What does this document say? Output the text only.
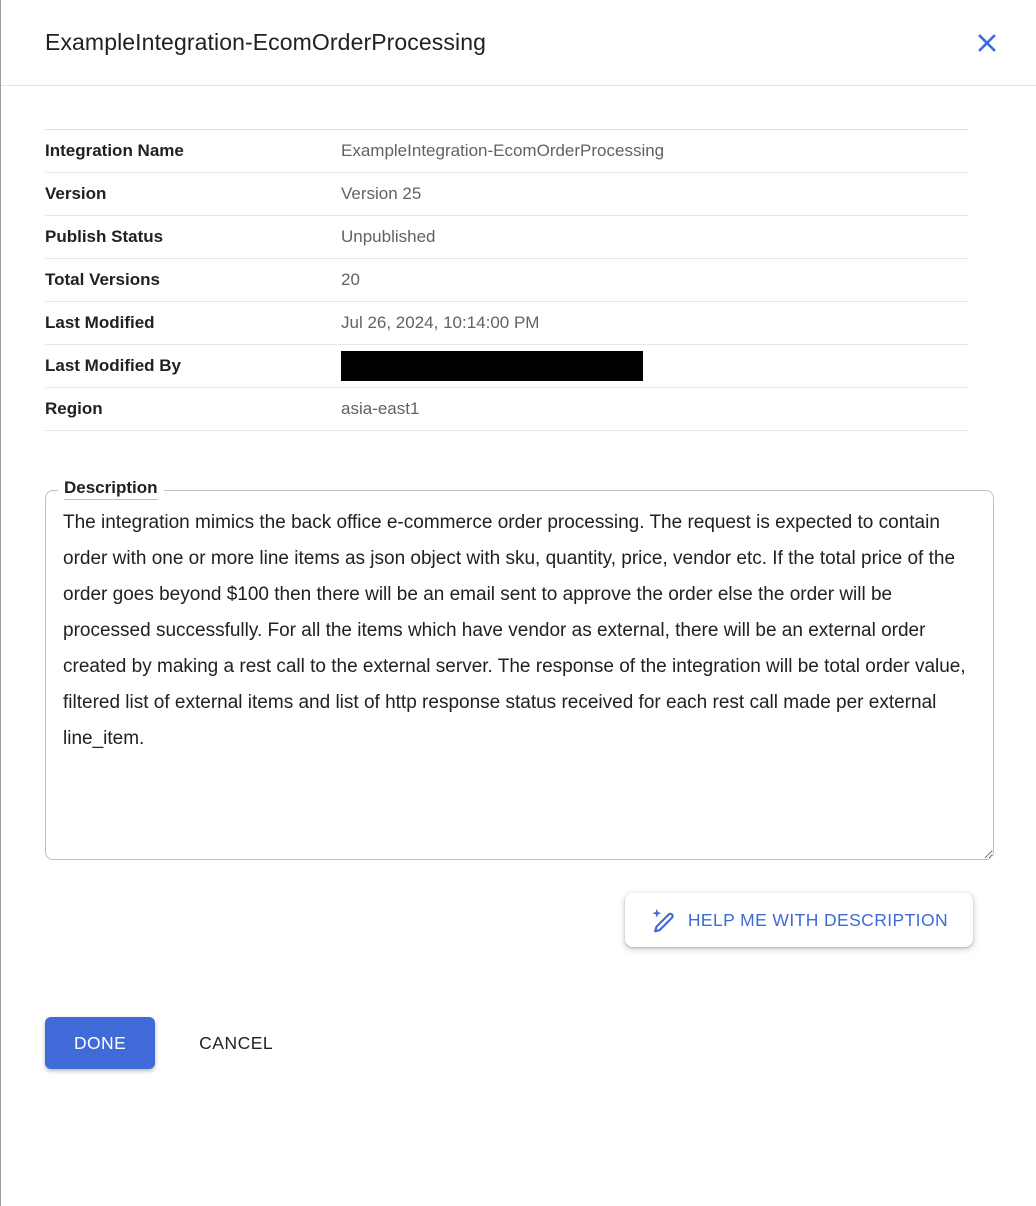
ExampleIntegration-EcomOrderProcessing
Integration Name	ExampleIntegration-EcomOrderProcessing
Version	Version 25
Publish Status	Unpublished
Total Versions	20
Last Modified	Jul 26, 2024, 10:14:00 PM
Last Modified By
Region	asia-east1
Description
The integration mimics the back office e-commerce order processing. The request is expected to contain order with one or more line items as json object with sku, quantity, price, vendor etc. If the total price of the order goes beyond $100 then there will be an email sent to approve the order else the order will be processed successfully. For all the items which have vendor as external, there will be an external order created by making a rest call to the external server. The response of the integration will be total order value, filtered list of external items and list of http response status received for each rest call made per external line_item.
HELP ME WITH DESCRIPTION
DONE	CANCEL
